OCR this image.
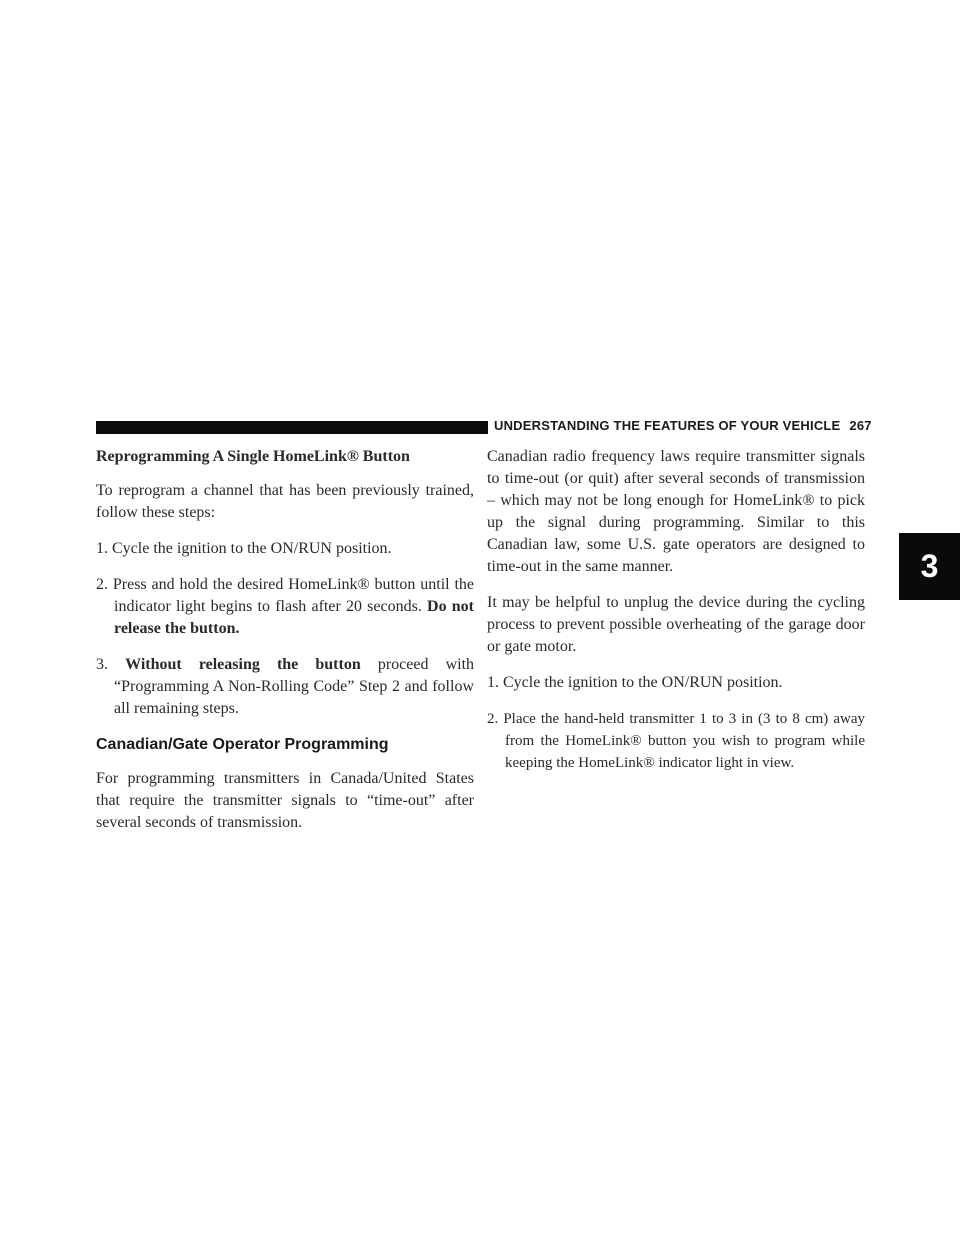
UNDERSTANDING THE FEATURES OF YOUR VEHICLE 267
3

Reprogramming A Single HomeLink® Button

To reprogram a channel that has been previously trained, follow these steps:

1. Cycle the ignition to the ON/RUN position.
2. Press and hold the desired HomeLink® button until the indicator light begins to flash after 20 seconds. Do not release the button.
3. Without releasing the button proceed with “Programming A Non-Rolling Code” Step 2 and follow all remaining steps.
Canadian/Gate Operator Programming

For programming transmitters in Canada/United States that require the transmitter signals to “time-out” after several seconds of transmission.

Canadian radio frequency laws require transmitter signals to time-out (or quit) after several seconds of transmission – which may not be long enough for HomeLink® to pick up the signal during programming. Similar to this Canadian law, some U.S. gate operators are designed to time-out in the same manner.

It may be helpful to unplug the device during the cycling process to prevent possible overheating of the garage door or gate motor.

1. Cycle the ignition to the ON/RUN position.
2. Place the hand-held transmitter 1 to 3 in (3 to 8 cm) away from the HomeLink® button you wish to program while keeping the HomeLink® indicator light in view.
